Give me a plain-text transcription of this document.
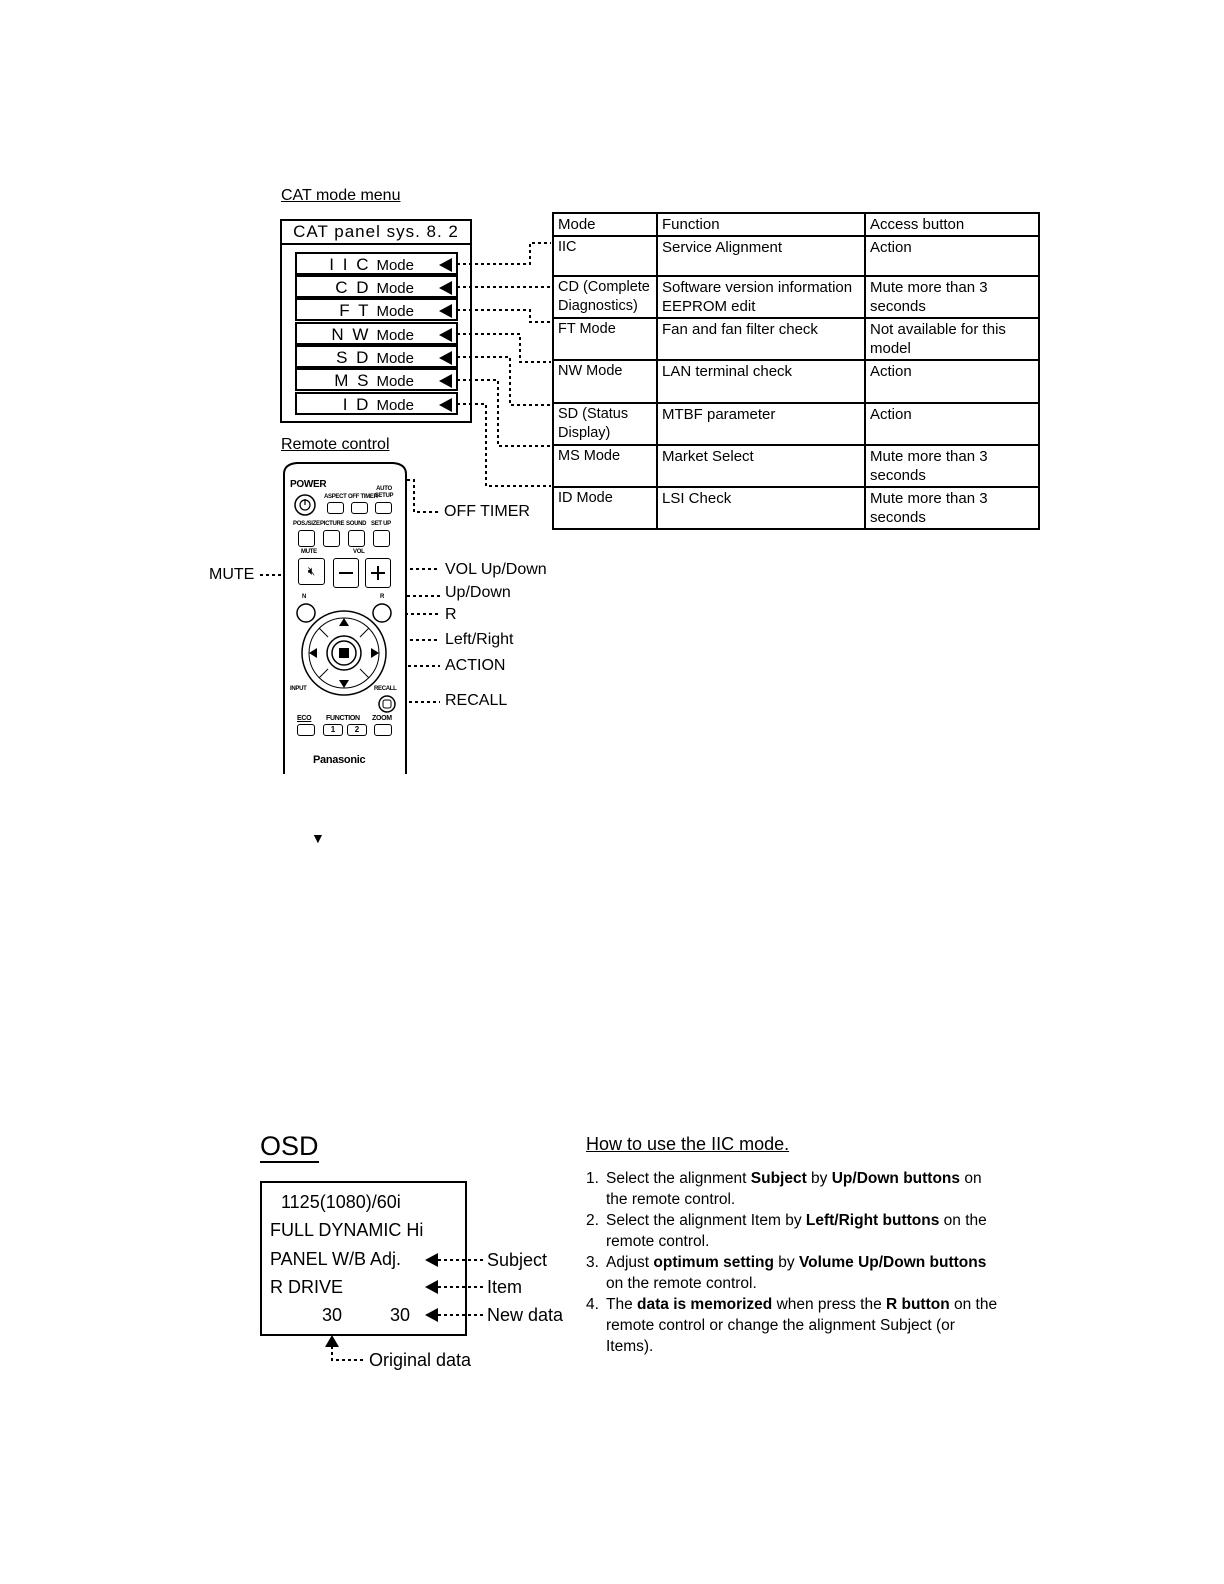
CAT mode menu
CAT panel sys. 8. 2
I I C Mode
C D Mode
F T Mode
N W Mode
S D Mode
M S Mode
I D Mode
Mode	Function	Access button
IIC	Service Alignment	Action
CD (Complete Diagnostics)	Software version information EEPROM edit	Mute more than 3 seconds
FT Mode	Fan and fan filter check	Not available for this model
NW Mode	LAN terminal check	Action
SD (Status Display)	MTBF parameter	Action
MS Mode	Market Select	Mute more than 3 seconds
ID Mode	LSI Check	Mute more than 3 seconds
Remote control
POWER
ASPECT OFF TIMER
AUTO SETUP
POS./SIZE PICTURE SOUND SET UP
MUTE	VOL
🔇︎
N	R
INPUT	RECALL
ECO FUNCTION ZOOM
1	2
Panasonic
OFF TIMER
MUTE	VOL Up/Down
Up/Down
R
Left/Right
ACTION
RECALL
▼
OSD
1125(1080)/60i
FULL DYNAMIC Hi
PANEL W/B Adj.
R DRIVE
30	30
Subject
Item
New data
Original data
How to use the IIC mode.
1. Select the alignment Subject by Up/Down buttons on the remote control.
2. Select the alignment Item by Left/Right buttons on the remote control.
3. Adjust optimum setting by Volume Up/Down buttons on the remote control.
4. The data is memorized when press the R button on the remote control or change the alignment Subject (or Items).
